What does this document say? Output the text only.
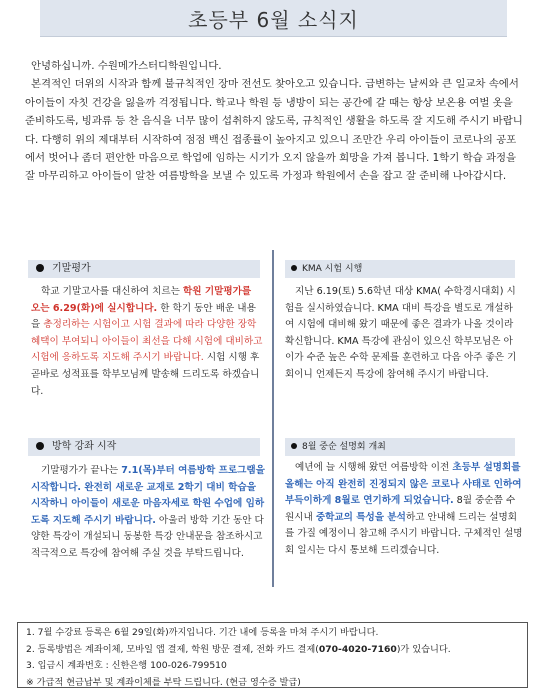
초등부 6월 소식지

안녕하십니까. 수원메가스터디학원입니다.

본격적인 더위의 시작과 함께 불규칙적인 장마 전선도 찾아오고 있습니다. 급변하는 날씨와 큰 일교차 속에서 아이들이 자칫 건강을 잃을까 걱정됩니다. 학교나 학원 등 냉방이 되는 공간에 갈 때는 항상 보온용 여벌 옷을 준비하도록, 빙과류 등 찬 음식을 너무 많이 섭취하지 않도록, 규칙적인 생활을 하도록 잘 지도해 주시기 바랍니다. 다행히 위의 제대부터 시작하여 점점 백신 접종률이 높아지고 있으니 조만간 우리 아이들이 코로나의 공포에서 벗어나 좀더 편안한 마음으로 학업에 임하는 시기가 오지 않을까 희망을 가져 봅니다. 1학기 학습 과정을 잘 마무리하고 아이들이 알찬 여름방학을 보낼 수 있도록 가정과 학원에서 손을 잡고 잘 준비해 나아갑시다.

기말평가
학교 기말고사를 대신하여 치르는 학원 기말평가를 오는 6.29(화)에 실시합니다. 한 학기 동안 배운 내용을 총정리하는 시험이고 시험 결과에 따라 다양한 장학 혜택이 부여되니 아이들이 최선을 다해 시험에 대비하고 시험에 응하도록 지도해 주시기 바랍니다. 시험 시행 후 곧바로 성적표를 학부모님께 발송해 드리도록 하겠습니다.
KMA 시험 시행
지난 6.19(토) 5.6학년 대상 KMA( 수학경시대회) 시험을 실시하였습니다. KMA 대비 특강을 별도로 개설하여 시험에 대비해 왔기 때문에 좋은 결과가 나올 것이라 확신합니다. KMA 특강에 관심이 있으신 학부모님은 아이가 수준 높은 수학 문제를 훈련하고 다음 아주 좋은 기회이니 언제든지 특강에 참여해 주시기 바랍니다.
방학 강좌 시작
기말평가가 끝나는 7.1(목)부터 여름방학 프로그램을 시작합니다. 완전히 새로운 교재로 2학기 대비 학습을 시작하니 아이들이 새로운 마음자세로 학원 수업에 임하도록 지도해 주시기 바랍니다. 아울러 방학 기간 동안 다양한 특강이 개설되니 동봉한 특강 안내문을 참조하시고 적극적으로 특강에 참여해 주실 것을 부탁드립니다.
8월 중순 설명회 개최
예년에 늘 시행해 왔던 여름방학 이전 초등부 설명회를 올해는 아직 완전히 진정되지 않은 코로나 사태로 인하여 부득이하게 8월로 연기하게 되었습니다. 8월 중순쯤 수원시내 중학교의 특성을 분석하고 안내해 드리는 설명회를 가질 예정이니 참고해 주시기 바랍니다. 구체적인 설명회 일시는 다시 통보해 드리겠습니다.
1. 7월 수강료 등록은 6월 29일(화)까지입니다. 기간 내에 등록을 마쳐 주시기 바랍니다.
2. 등록방법은 계좌이체, 모바일 앱 결제, 학원 방문 결제, 전화 카드 결제(070-4020-7160)가 있습니다.
3. 입금시 계좌번호 : 신한은행 100-026-799510
※ 가급적 현금납부 및 계좌이체를 부탁 드립니다. (현금 영수증 발급)
